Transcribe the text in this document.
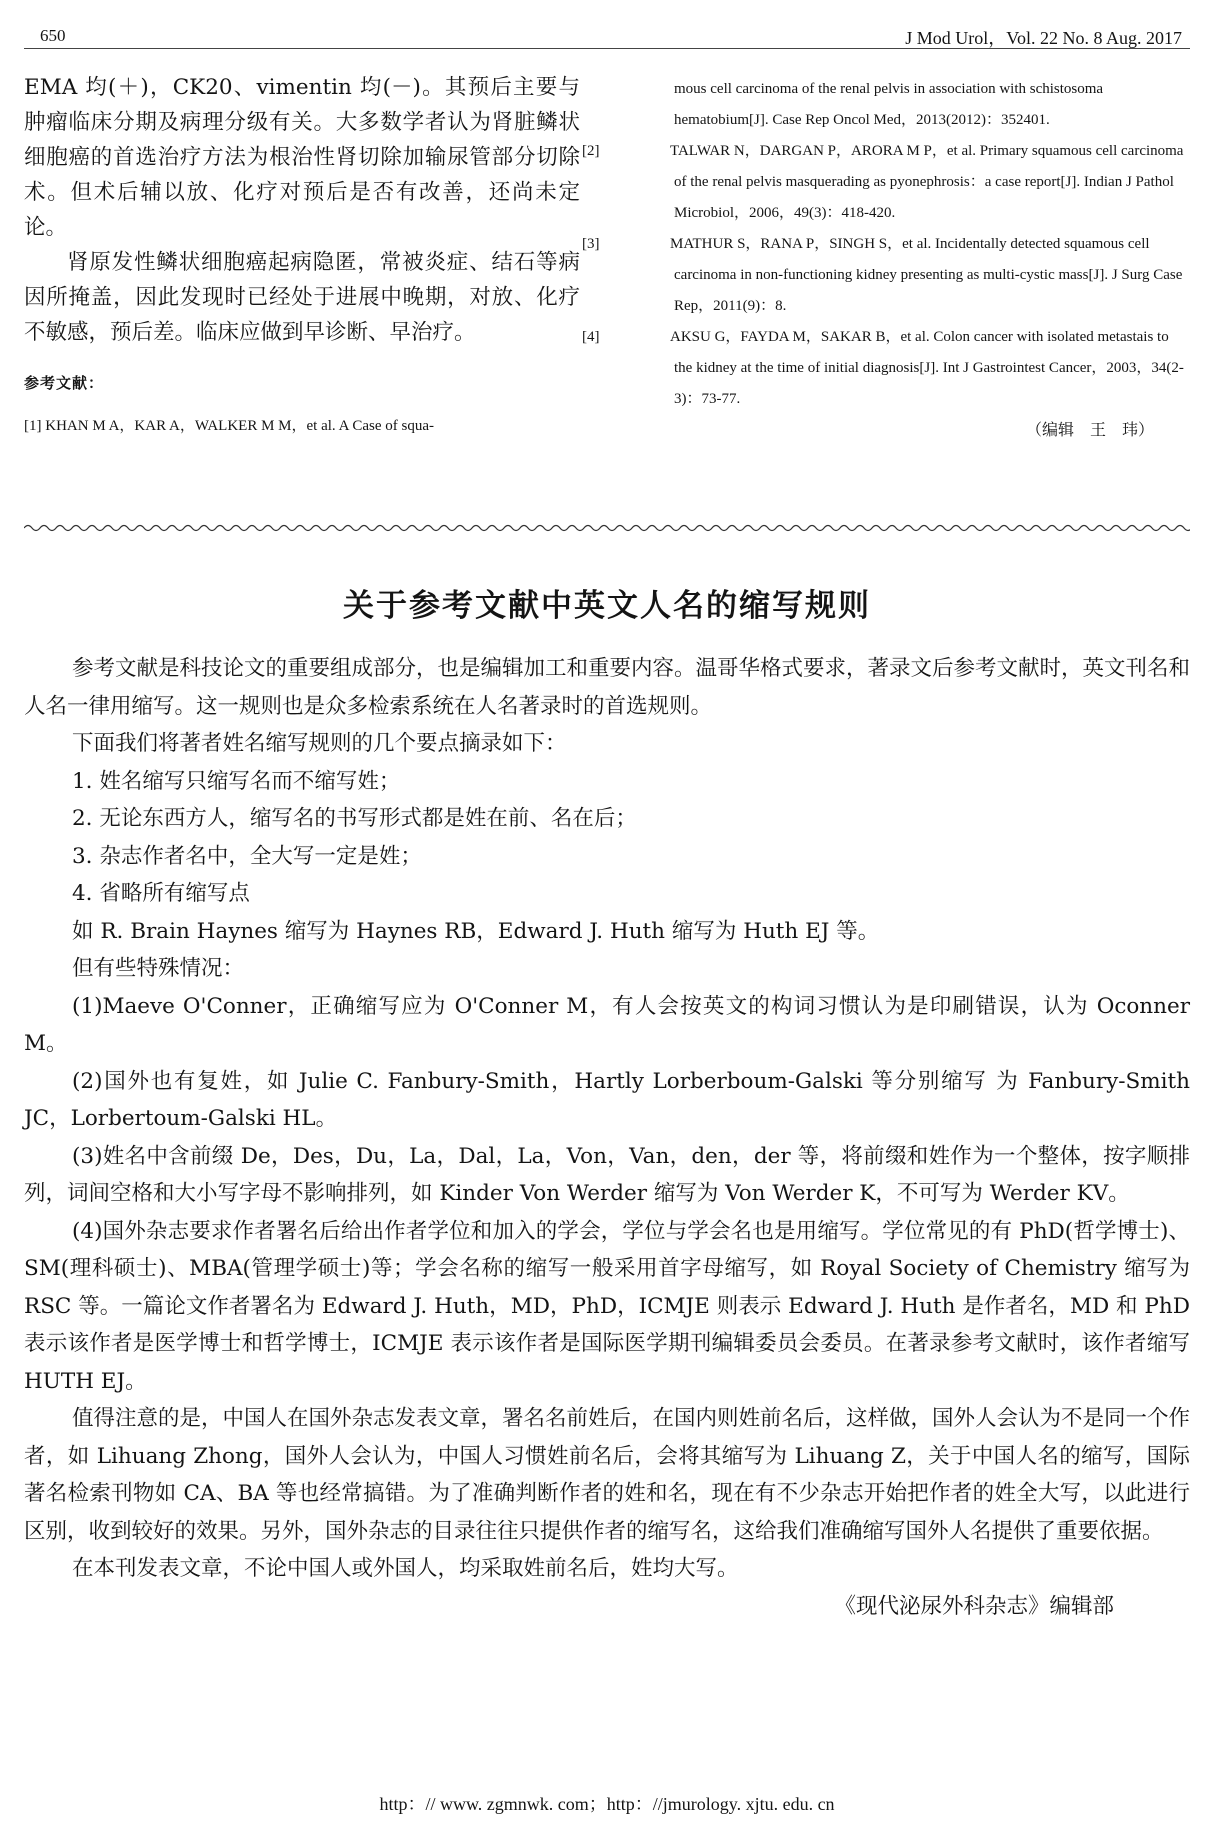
650	J Mod Urol，Vol. 22 No. 8 Aug. 2017

EMA 均(＋)，CK20、vimentin 均(－)。其预后主要与肿瘤临床分期及病理分级有关。大多数学者认为肾脏鳞状细胞癌的首选治疗方法为根治性肾切除加输尿管部分切除术。但术后辅以放、化疗对预后是否有改善，还尚未定论。

肾原发性鳞状细胞癌起病隐匿，常被炎症、结石等病因所掩盖，因此发现时已经处于进展中晚期，对放、化疗不敏感，预后差。临床应做到早诊断、早治疗。

参考文献：

[1] KHAN M A，KAR A，WALKER M M，et al. A Case of squa-

mous cell carcinoma of the renal pelvis in association with schistosoma hematobium[J]. Case Rep Oncol Med，2013(2012)：352401.

[2]	TALWAR N，DARGAN P，ARORA M P，et al. Primary squamous cell carcinoma of the renal pelvis masquerading as pyonephrosis：a case report[J]. Indian J Pathol Microbiol，2006，49(3)：418-420.

[3]	MATHUR S，RANA P，SINGH S，et al. Incidentally detected squamous cell carcinoma in non-functioning kidney presenting as multi-cystic mass[J]. J Surg Case Rep，2011(9)：8.

[4]	AKSU G，FAYDA M，SAKAR B，et al. Colon cancer with isolated metastais to the kidney at the time of initial diagnosis[J]. Int J Gastrointest Cancer，2003，34(2-3)：73-77.

（编辑　王　玮）
关于参考文献中英文人名的缩写规则

参考文献是科技论文的重要组成部分，也是编辑加工和重要内容。温哥华格式要求，著录文后参考文献时，英文刊名和人名一律用缩写。这一规则也是众多检索系统在人名著录时的首选规则。

下面我们将著者姓名缩写规则的几个要点摘录如下：

1. 姓名缩写只缩写名而不缩写姓；

2. 无论东西方人，缩写名的书写形式都是姓在前、名在后；

3. 杂志作者名中，全大写一定是姓；

4. 省略所有缩写点

如 R. Brain Haynes 缩写为 Haynes RB，Edward J. Huth 缩写为 Huth EJ 等。

但有些特殊情况：

(1)Maeve O'Conner，正确缩写应为 O'Conner M，有人会按英文的构词习惯认为是印刷错误，认为 Oconner M。

(2)国外也有复姓，如 Julie C. Fanbury-Smith，Hartly Lorberboum-Galski 等分别缩写 为 Fanbury-Smith JC，Lorbertoum-Galski HL。

(3)姓名中含前缀 De，Des，Du，La，Dal，La，Von，Van，den，der 等，将前缀和姓作为一个整体，按字顺排列，词间空格和大小写字母不影响排列，如 Kinder Von Werder 缩写为 Von Werder K，不可写为 Werder KV。

(4)国外杂志要求作者署名后给出作者学位和加入的学会，学位与学会名也是用缩写。学位常见的有 PhD(哲学博士)、SM(理科硕士)、MBA(管理学硕士)等；学会名称的缩写一般采用首字母缩写，如 Royal Society of Chemistry 缩写为 RSC 等。一篇论文作者署名为 Edward J. Huth，MD，PhD，ICMJE 则表示 Edward J. Huth 是作者名，MD 和 PhD 表示该作者是医学博士和哲学博士，ICMJE 表示该作者是国际医学期刊编辑委员会委员。在著录参考文献时，该作者缩写 HUTH EJ。

值得注意的是，中国人在国外杂志发表文章，署名名前姓后，在国内则姓前名后，这样做，国外人会认为不是同一个作者，如 Lihuang Zhong，国外人会认为，中国人习惯姓前名后，会将其缩写为 Lihuang Z，关于中国人名的缩写，国际著名检索刊物如 CA、BA 等也经常搞错。为了准确判断作者的姓和名，现在有不少杂志开始把作者的姓全大写，以此进行区别，收到较好的效果。另外，国外杂志的目录往往只提供作者的缩写名，这给我们准确缩写国外人名提供了重要依据。

在本刊发表文章，不论中国人或外国人，均采取姓前名后，姓均大写。

《现代泌尿外科杂志》编辑部
http：// www. zgmnwk. com；http：//jmurology. xjtu. edu. cn
